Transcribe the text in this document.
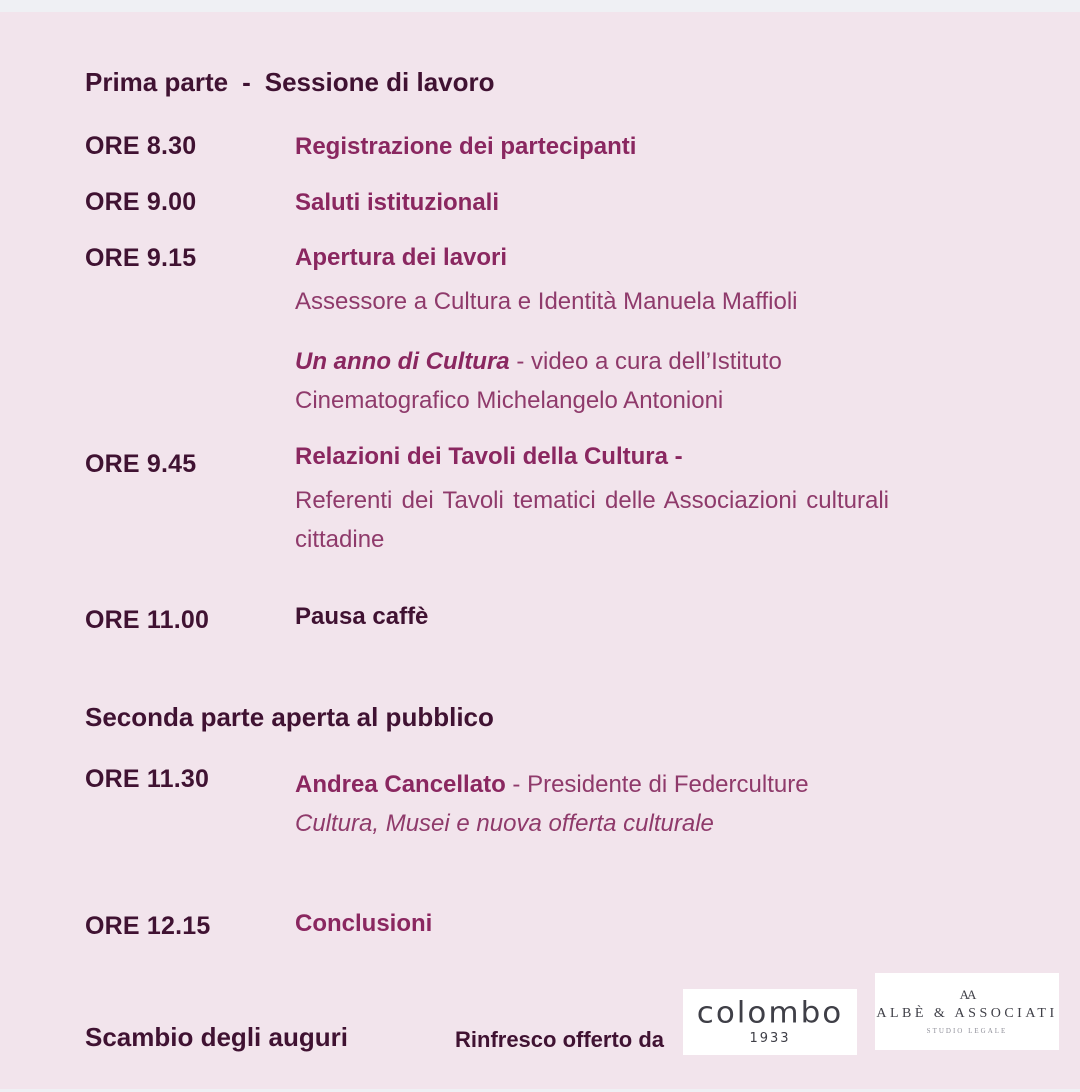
Prima parte - Sessione di lavoro
ORE 8.30	Registrazione dei partecipanti
ORE 9.00	Saluti istituzionali
ORE 9.15	Apertura dei lavori
Assessore a Cultura e Identità Manuela Maffioli
Un anno di Cultura - video a cura dell’Istituto
Cinematografico Michelangelo Antonioni
ORE 9.45	Relazioni dei Tavoli della Cultura -
Referenti dei Tavoli tematici delle Associazioni culturali cittadine
ORE 11.00	Pausa caffè
Seconda parte aperta al pubblico
ORE 11.30	Andrea Cancellato - Presidente di Federculture
Cultura, Musei e nuova offerta culturale
ORE 12.15	Conclusioni
Scambio degli auguri	Rinfresco offerto da
colombo
1933
AA
ALBÈ & ASSOCIATI
STUDIO LEGALE
